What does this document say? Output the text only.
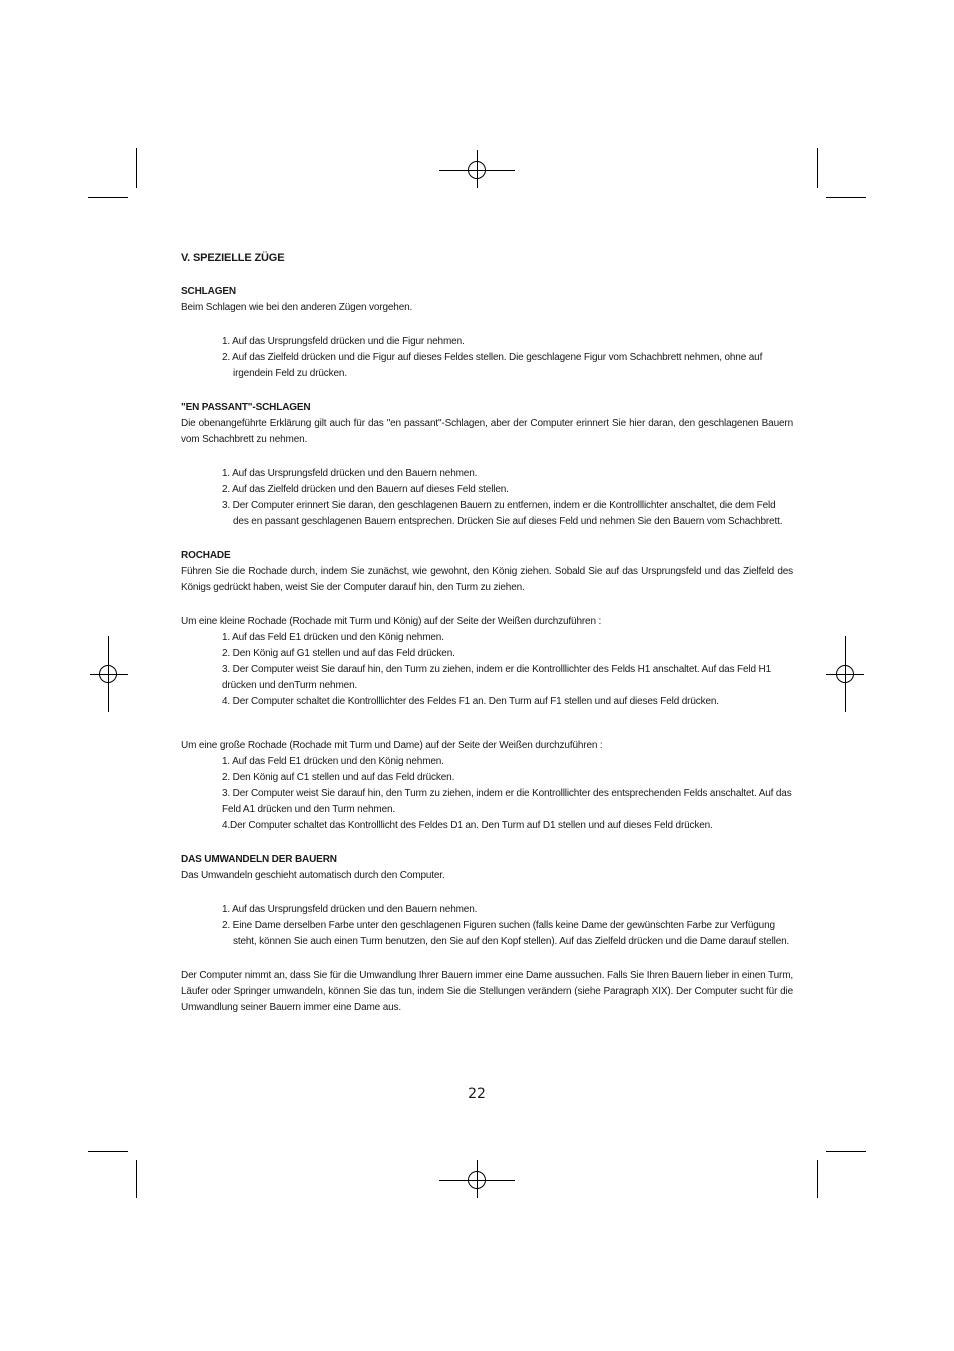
V. SPEZIELLE ZÜGE

SCHLAGEN

Beim Schlagen wie bei den anderen Zügen vorgehen.

1. Auf das Ursprungsfeld drücken und die Figur nehmen.
2. Auf das Zielfeld drücken und die Figur auf dieses Feldes stellen. Die geschlagene Figur vom Schachbrett nehmen, ohne auf irgendein Feld zu drücken.

"EN PASSANT"-SCHLAGEN

Die obenangeführte Erklärung gilt auch für das "en passant"-Schlagen, aber der Computer erinnert Sie hier daran, den geschlagenen Bauern vom Schachbrett zu nehmen.

1. Auf das Ursprungsfeld drücken und den Bauern nehmen.
2. Auf das Zielfeld drücken und den Bauern auf dieses Feld stellen.
3. Der Computer erinnert Sie daran, den geschlagenen Bauern zu entfernen, indem er die Kontrolllichter anschaltet, die dem Feld des en passant geschlagenen Bauern entsprechen. Drücken Sie auf dieses Feld und nehmen Sie den Bauern vom Schachbrett.

ROCHADE

Führen Sie die Rochade durch, indem Sie zunächst, wie gewohnt, den König ziehen. Sobald Sie auf das Ursprungsfeld und das Zielfeld des Königs gedrückt haben, weist Sie der Computer darauf hin, den Turm zu ziehen.

Um eine kleine Rochade (Rochade mit Turm und König) auf der Seite der Weißen durchzuführen :

1. Auf das Feld E1 drücken und den König nehmen.
2. Den König auf G1 stellen und auf das Feld drücken.
3. Der Computer weist Sie darauf hin, den Turm zu ziehen, indem er die Kontrolllichter des Felds H1 anschaltet. Auf das Feld H1 drücken und denTurm nehmen.
4. Der Computer schaltet die Kontrolllichter des Feldes F1 an. Den Turm auf F1 stellen und auf dieses Feld drücken.

Um eine große Rochade (Rochade mit Turm und Dame) auf der Seite der Weißen durchzuführen :

1. Auf das Feld E1 drücken und den König nehmen.
2. Den König auf C1 stellen und auf das Feld drücken.
3. Der Computer weist Sie darauf hin, den Turm zu ziehen, indem er die Kontrolllichter des entsprechenden Felds anschaltet. Auf das Feld A1 drücken und den Turm nehmen.
4.Der Computer schaltet das Kontrolllicht des Feldes D1 an. Den Turm auf D1 stellen und auf dieses Feld drücken.

DAS UMWANDELN DER BAUERN

Das Umwandeln geschieht automatisch durch den Computer.

1. Auf das Ursprungsfeld drücken und den Bauern nehmen.
2. Eine Dame derselben Farbe unter den geschlagenen Figuren suchen (falls keine Dame der gewünschten Farbe zur Verfügung steht, können Sie auch einen Turm benutzen, den Sie auf den Kopf stellen). Auf das Zielfeld drücken und die Dame darauf stellen.

Der Computer nimmt an, dass Sie für die Umwandlung Ihrer Bauern immer eine Dame aussuchen. Falls Sie Ihren Bauern lieber in einen Turm, Läufer oder Springer umwandeln, können Sie das tun, indem Sie die Stellungen verändern (siehe Paragraph XIX). Der Computer sucht für die Umwandlung seiner Bauern immer eine Dame aus.

22
